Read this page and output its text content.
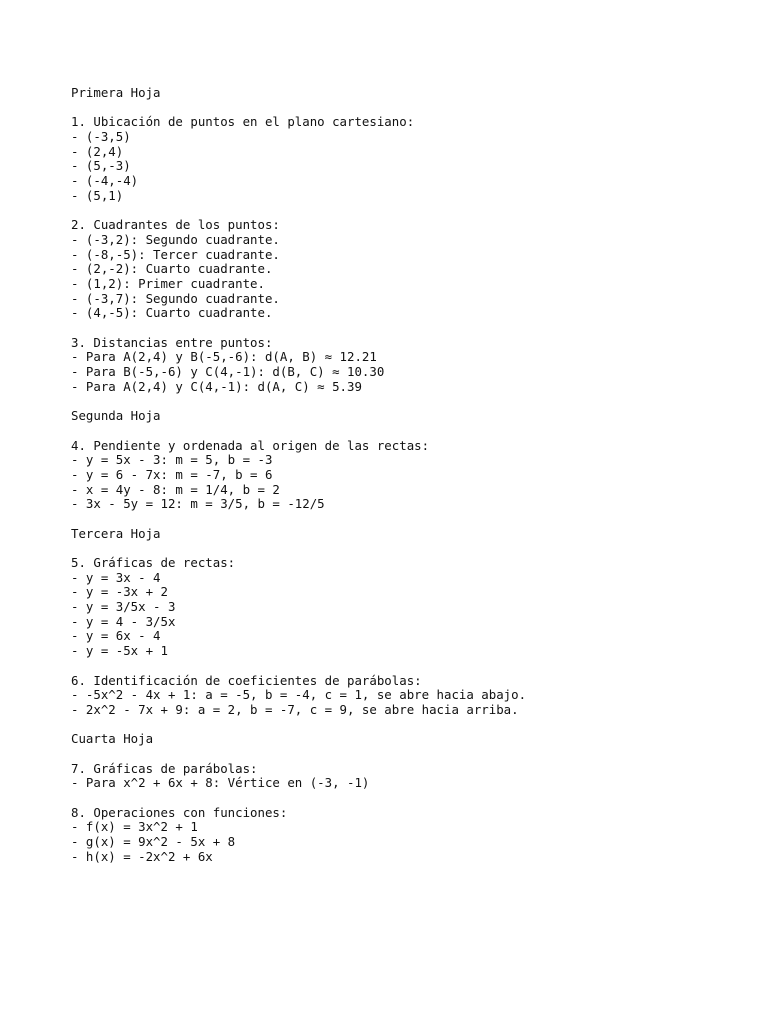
Primera Hoja
1. Ubicación de puntos en el plano cartesiano:
- (-3,5)
- (2,4)
- (5,-3)
- (-4,-4)
- (5,1)
2. Cuadrantes de los puntos:
- (-3,2): Segundo cuadrante.
- (-8,-5): Tercer cuadrante.
- (2,-2): Cuarto cuadrante.
- (1,2): Primer cuadrante.
- (-3,7): Segundo cuadrante.
- (4,-5): Cuarto cuadrante.
3. Distancias entre puntos:
- Para A(2,4) y B(-5,-6): d(A, B) ≈ 12.21
- Para B(-5,-6) y C(4,-1): d(B, C) ≈ 10.30
- Para A(2,4) y C(4,-1): d(A, C) ≈ 5.39
Segunda Hoja
4. Pendiente y ordenada al origen de las rectas:
- y = 5x - 3: m = 5, b = -3
- y = 6 - 7x: m = -7, b = 6
- x = 4y - 8: m = 1/4, b = 2
- 3x - 5y = 12: m = 3/5, b = -12/5
Tercera Hoja
5. Gráficas de rectas:
- y = 3x - 4
- y = -3x + 2
- y = 3/5x - 3
- y = 4 - 3/5x
- y = 6x - 4
- y = -5x + 1
6. Identificación de coeficientes de parábolas:
- -5x^2 - 4x + 1: a = -5, b = -4, c = 1, se abre hacia abajo.
- 2x^2 - 7x + 9: a = 2, b = -7, c = 9, se abre hacia arriba.
Cuarta Hoja
7. Gráficas de parábolas:
- Para x^2 + 6x + 8: Vértice en (-3, -1)
8. Operaciones con funciones:
- f(x) = 3x^2 + 1
- g(x) = 9x^2 - 5x + 8
- h(x) = -2x^2 + 6x
